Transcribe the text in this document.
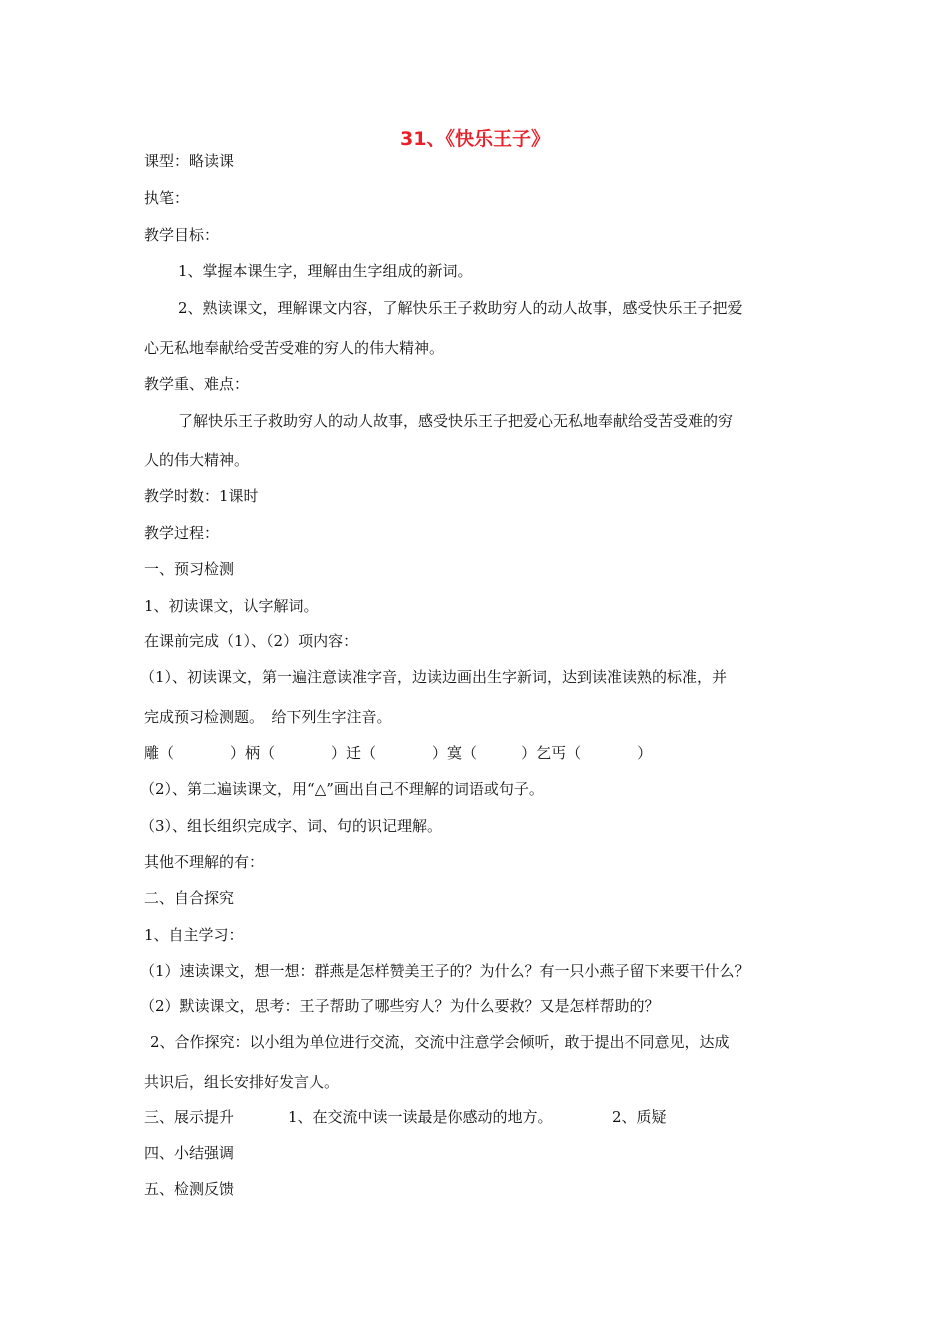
31、《快乐王子》
课型：略读课
执笔：
教学目标：
1、掌握本课生字，理解由生字组成的新词。
2、熟读课文，理解课文内容，了解快乐王子救助穷人的动人故事，感受快乐王子把爱
心无私地奉献给受苦受难的穷人的伟大精神。
教学重、难点：
了解快乐王子救助穷人的动人故事，感受快乐王子把爱心无私地奉献给受苦受难的穷
人的伟大精神。
教学时数：1课时
教学过程：
一、预习检测
1、初读课文，认字解词。
在课前完成（1）、（2）项内容：
（1）、初读课文，第一遍注意读准字音，边读边画出生字新词，达到读准读熟的标准，并
完成预习检测题。　给下列生字注音。
雕（	）柄（	）迁（	）寞（	）乞丐（	）
（2）、第二遍读课文，用“△”画出自己不理解的词语或句子。
（3）、组长组织完成字、词、句的识记理解。
其他不理解的有：
二、自合探究
1、自主学习：
（1）速读课文，想一想：群燕是怎样赞美王子的？为什么？有一只小燕子留下来要干什么？
（2）默读课文，思考：王子帮助了哪些穷人？为什么要救？又是怎样帮助的？
2、合作探究：以小组为单位进行交流，交流中注意学会倾听，敢于提出不同意见，达成
共识后，组长安排好发言人。
三、展示提升	1、在交流中读一读最是你感动的地方。	2、质疑
四、小结强调
五、检测反馈
